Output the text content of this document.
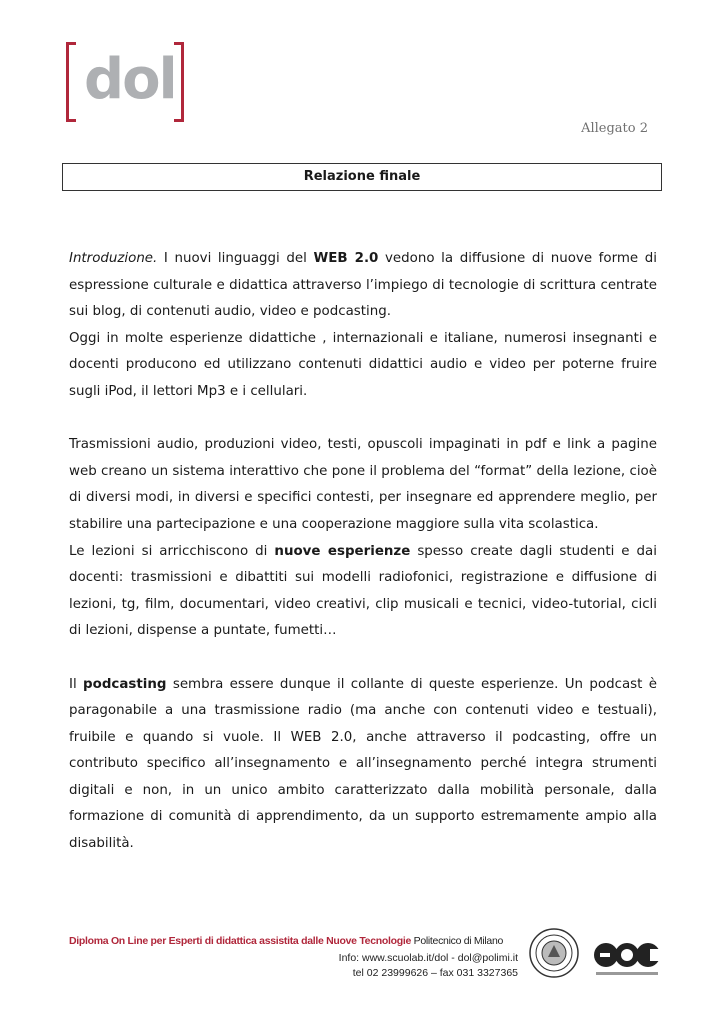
dol
Allegato 2
Relazione finale

Introduzione. I nuovi linguaggi del WEB 2.0 vedono la diffusione di nuove forme di espressione culturale e didattica attraverso l’impiego di tecnologie di scrittura centrate sui blog, di contenuti audio, video e podcasting.

Oggi in molte esperienze didattiche , internazionali e italiane, numerosi insegnanti e docenti producono ed utilizzano contenuti didattici audio e video per poterne fruire sugli iPod, il lettori Mp3 e i cellulari.

Trasmissioni audio, produzioni video, testi, opuscoli impaginati in pdf e link a pagine web creano un sistema interattivo che pone il problema del “format” della lezione, cioè di diversi modi, in diversi e specifici contesti, per insegnare ed apprendere meglio, per stabilire una partecipazione e una cooperazione maggiore sulla vita scolastica.

Le lezioni si arricchiscono di nuove esperienze spesso create dagli studenti e dai docenti: trasmissioni e dibattiti sui modelli radiofonici, registrazione e diffusione di lezioni, tg, film, documentari, video creativi, clip musicali e tecnici, video-tutorial, cicli di lezioni, dispense a puntate, fumetti…

Il podcasting sembra essere dunque il collante di queste esperienze. Un podcast è paragonabile a una trasmissione radio (ma anche con contenuti video e testuali), fruibile e quando si vuole. Il WEB 2.0, anche attraverso il podcasting, offre un contributo specifico all’insegnamento e all’insegnamento perché integra strumenti digitali e non, in un unico ambito caratterizzato dalla mobilità personale, dalla formazione di comunità di apprendimento, da un supporto estremamente ampio alla disabilità.

Diploma On Line per Esperti di didattica assistita dalle Nuove Tecnologie Politecnico di Milano
Info: www.scuolab.it/dol - dol@polimi.it
tel 02 23999626 – fax 031 3327365
